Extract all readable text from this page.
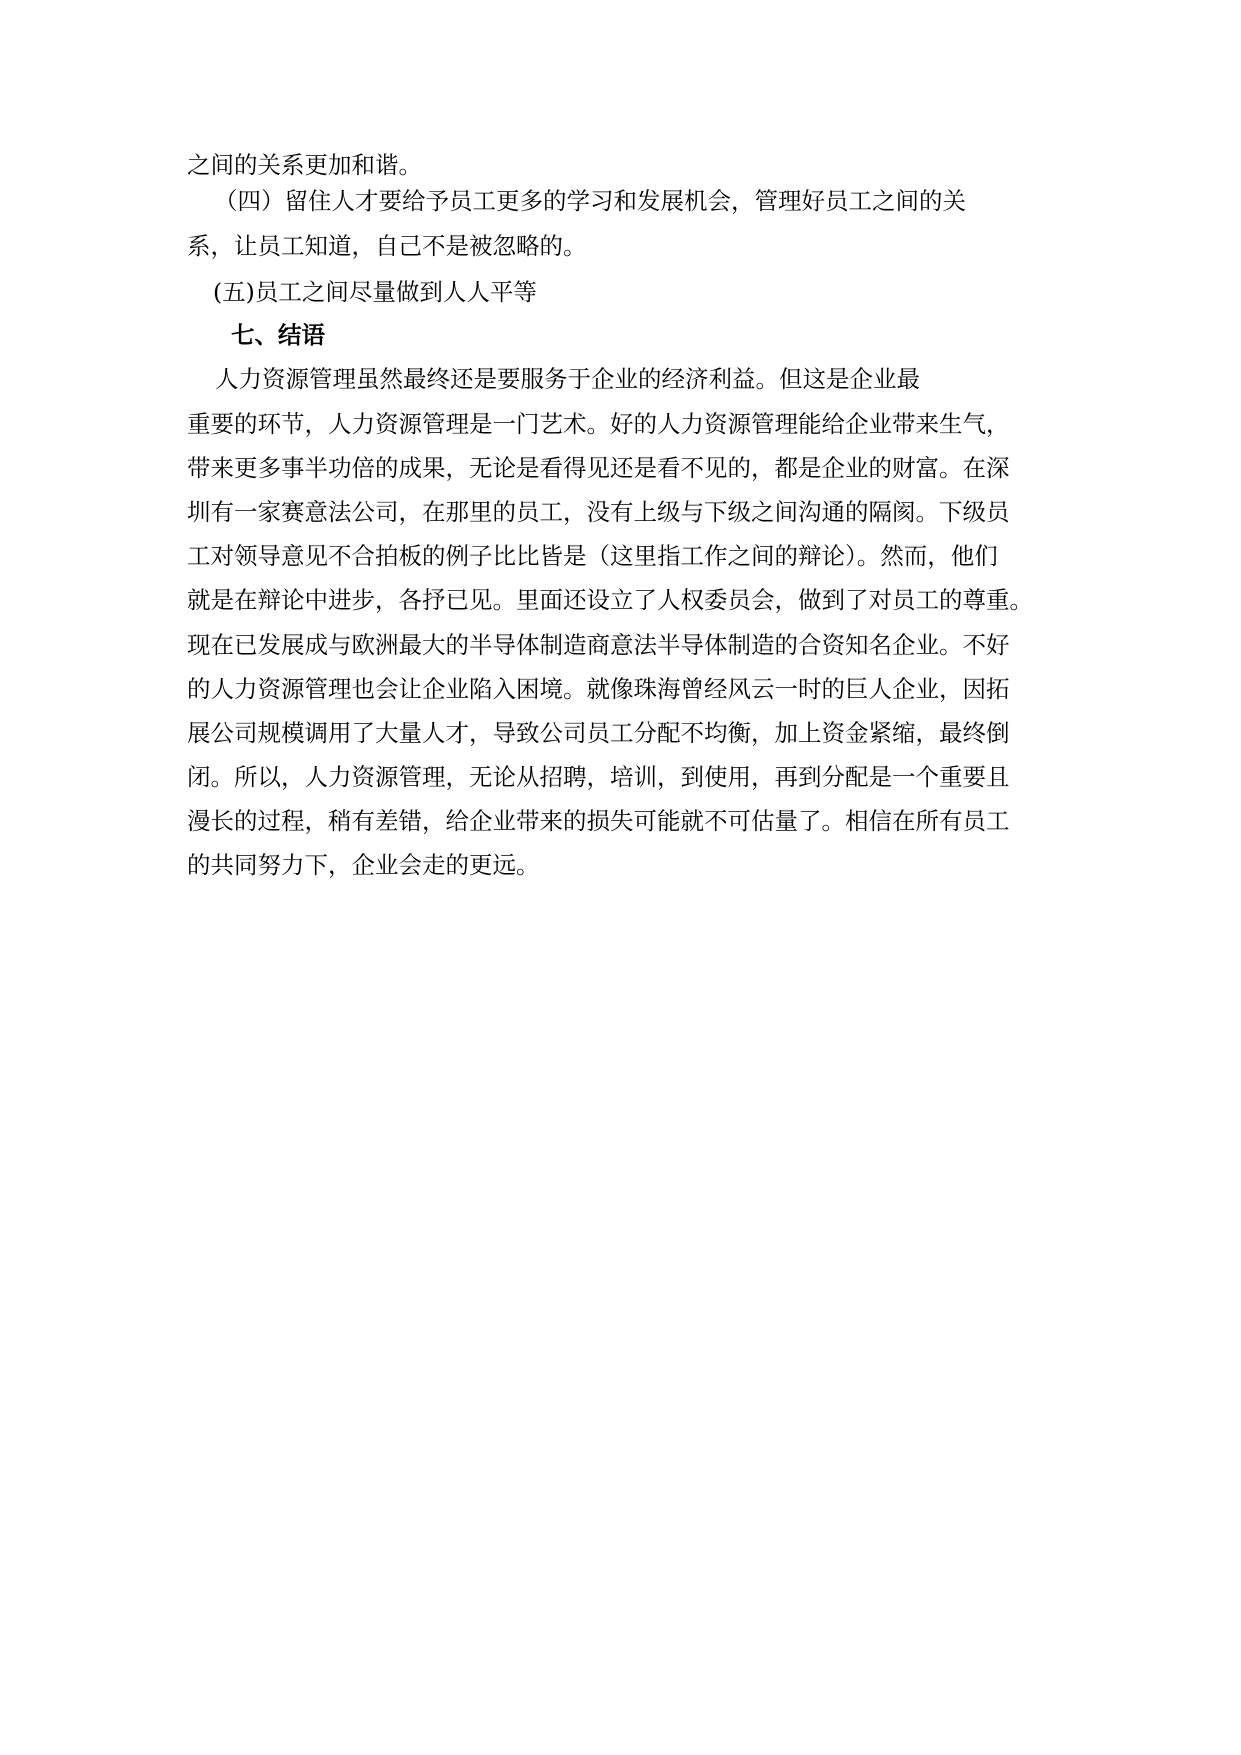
之间的关系更加和谐。
（四）留住人才要给予员工更多的学习和发展机会，管理好员工之间的关
系，让员工知道，自己不是被忽略的。
(五)员工之间尽量做到人人平等
七、结语
人力资源管理虽然最终还是要服务于企业的经济利益。但这是企业最
重要的环节，人力资源管理是一门艺术。好的人力资源管理能给企业带来生气，
带来更多事半功倍的成果，无论是看得见还是看不见的，都是企业的财富。在深
圳有一家赛意法公司，在那里的员工，没有上级与下级之间沟通的隔阂。下级员
工对领导意见不合拍板的例子比比皆是（这里指工作之间的辩论）。然而，他们
就是在辩论中进步，各抒已见。里面还设立了人权委员会，做到了对员工的尊重。
现在已发展成与欧洲最大的半导体制造商意法半导体制造的合资知名企业。不好
的人力资源管理也会让企业陷入困境。就像珠海曾经风云一时的巨人企业，因拓
展公司规模调用了大量人才，导致公司员工分配不均衡，加上资金紧缩，最终倒
闭。所以，人力资源管理，无论从招聘，培训，到使用，再到分配是一个重要且
漫长的过程，稍有差错，给企业带来的损失可能就不可估量了。相信在所有员工
的共同努力下，企业会走的更远。
